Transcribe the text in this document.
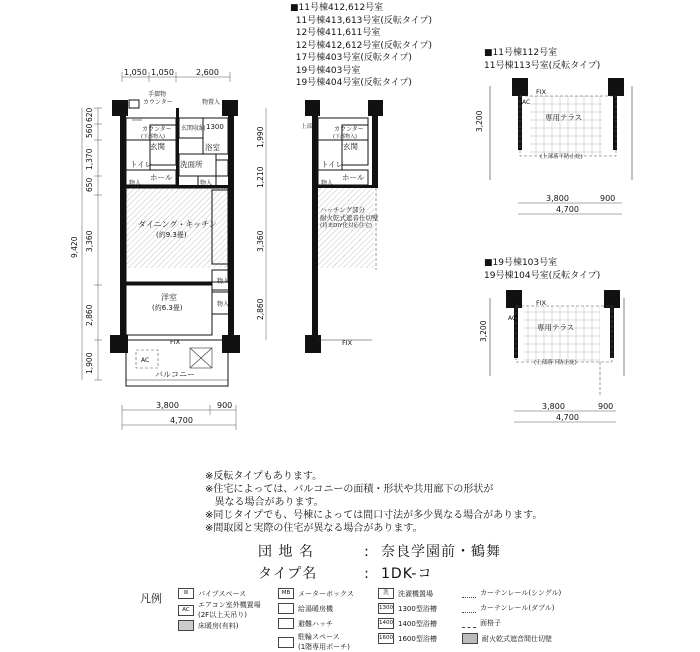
1,050 1,050	2,600
620
560
1,370
650
3,360
2,860
1,900
9,420
1,990
1,210
3,360
2,860
手摺物
カウンター	物置入
カウンター
(下部物入)
玄関収納 1300
玄関	浴室
トイレ	洗面所
ホール
物入	物入
ダイニング・キッチン
(約9.3畳)
物入
物入
洋室
(約6.3畳)
FIX
AC
バルコニー
3,800	900
4,700
上部棚	カウンター
(下部物入)
玄関
トイレ
ホール
物入
ハッチング部分
耐火乾式遮音仕切壁
(将来DIY化対応住宅)
FIX
FIX
AC
専用テラス
(上部落下防止庇)
3,200
3,800	900
4,700
FIX
AC
専用テラス
(上部落下防止庇)
3,200
3,800	900
4,700
■11号棟112号室
11号棟113号室(反転タイプ)
■19号棟103号室
19号棟104号室(反転タイプ)
■11号棟412,612号室
11号棟413,613号室(反転タイプ)
12号棟411,611号室
12号棟412,612号室(反転タイプ)
17号棟403号室(反転タイプ)
19号棟403号室
19号棟404号室(反転タイプ)
※反転タイプもあります。
※住宅によっては、バルコニーの面積・形状や共用廊下の形状が
異なる場合があります。
※同じタイプでも、号棟によっては間口寸法が多少異なる場合があります。
※間取図と実際の住宅が異なる場合があります。
団 地 名	: 奈良学園前・鶴舞
タイプ名	: 1DK-コ
凡例	☒	パイプスペース
AC
エアコン室外機置場
(2F以上天吊り)
床暖房(有料)
MB	メーターボックス
給湯暖房機
避難ハッチ
駐輪スペース
(1階専用ポーチ)
洗	洗濯機置場
1300 1300型浴槽
1400 1400型浴槽
1600 1600型浴槽
カーテンレール(シングル)
カーテンレール(ダブル)
面格子
耐火乾式遮音間仕切壁
